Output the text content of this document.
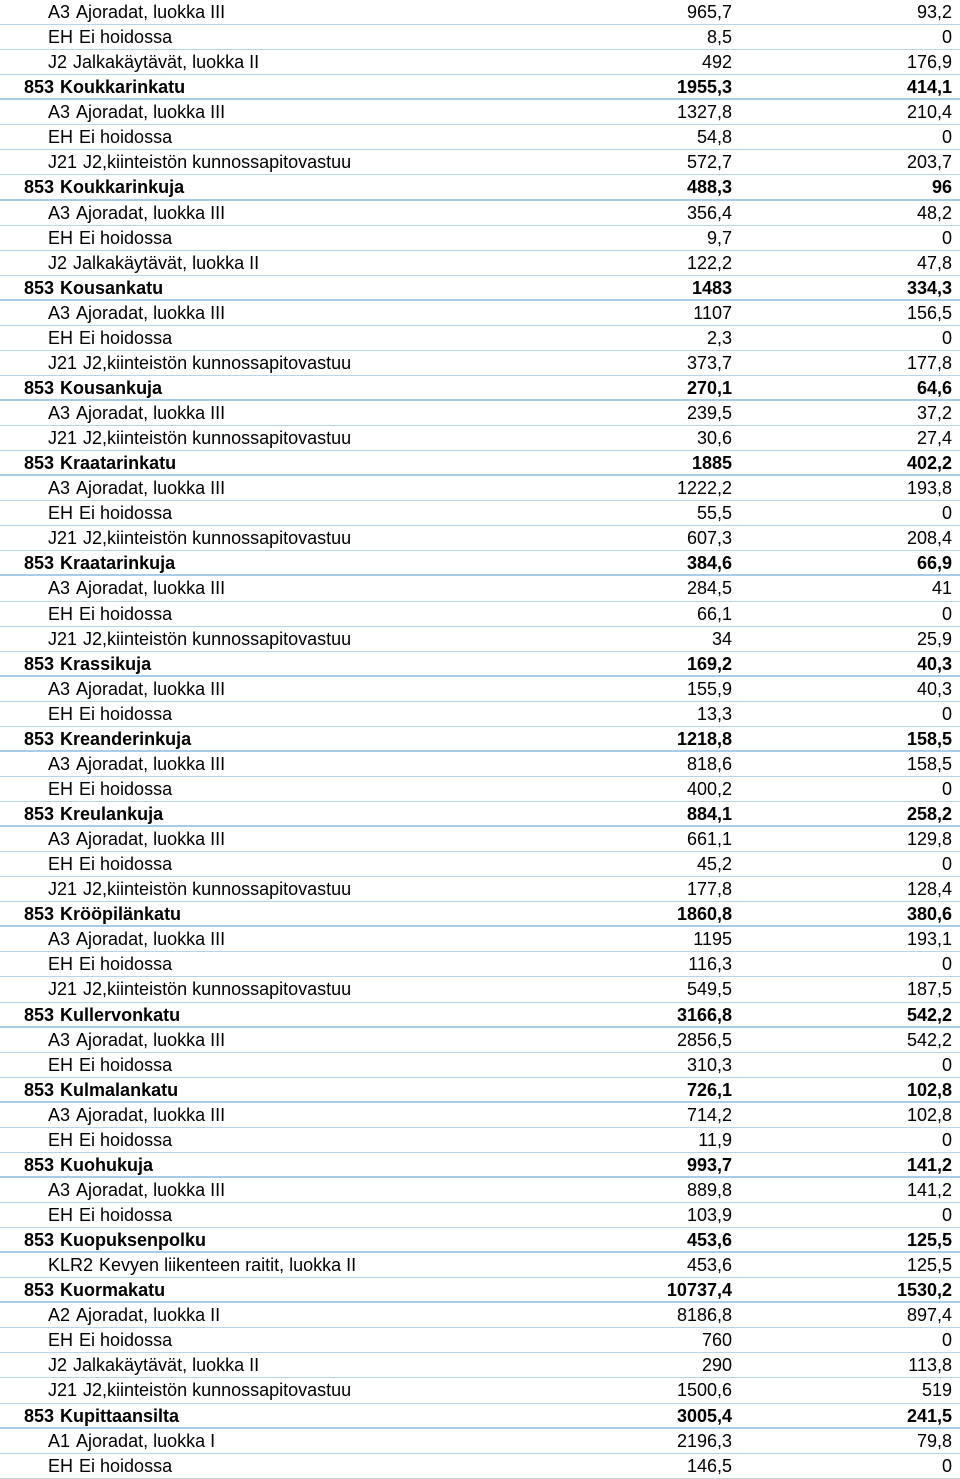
A3 Ajoradat, luokka III	965,7	93,2
EH Ei hoidossa	8,5	0
J2 Jalkakäytävät, luokka II	492	176,9
853 Koukkarinkatu	1955,3	414,1
A3 Ajoradat, luokka III	1327,8	210,4
EH Ei hoidossa	54,8	0
J21 J2,kiinteistön kunnossapitovastuu	572,7	203,7
853 Koukkarinkuja	488,3	96
A3 Ajoradat, luokka III	356,4	48,2
EH Ei hoidossa	9,7	0
J2 Jalkakäytävät, luokka II	122,2	47,8
853 Kousankatu	1483	334,3
A3 Ajoradat, luokka III	1107	156,5
EH Ei hoidossa	2,3	0
J21 J2,kiinteistön kunnossapitovastuu	373,7	177,8
853 Kousankuja	270,1	64,6
A3 Ajoradat, luokka III	239,5	37,2
J21 J2,kiinteistön kunnossapitovastuu	30,6	27,4
853 Kraatarinkatu	1885	402,2
A3 Ajoradat, luokka III	1222,2	193,8
EH Ei hoidossa	55,5	0
J21 J2,kiinteistön kunnossapitovastuu	607,3	208,4
853 Kraatarinkuja	384,6	66,9
A3 Ajoradat, luokka III	284,5	41
EH Ei hoidossa	66,1	0
J21 J2,kiinteistön kunnossapitovastuu	34	25,9
853 Krassikuja	169,2	40,3
A3 Ajoradat, luokka III	155,9	40,3
EH Ei hoidossa	13,3	0
853 Kreanderinkuja	1218,8	158,5
A3 Ajoradat, luokka III	818,6	158,5
EH Ei hoidossa	400,2	0
853 Kreulankuja	884,1	258,2
A3 Ajoradat, luokka III	661,1	129,8
EH Ei hoidossa	45,2	0
J21 J2,kiinteistön kunnossapitovastuu	177,8	128,4
853 Krööpilänkatu	1860,8	380,6
A3 Ajoradat, luokka III	1195	193,1
EH Ei hoidossa	116,3	0
J21 J2,kiinteistön kunnossapitovastuu	549,5	187,5
853 Kullervonkatu	3166,8	542,2
A3 Ajoradat, luokka III	2856,5	542,2
EH Ei hoidossa	310,3	0
853 Kulmalankatu	726,1	102,8
A3 Ajoradat, luokka III	714,2	102,8
EH Ei hoidossa	11,9	0
853 Kuohukuja	993,7	141,2
A3 Ajoradat, luokka III	889,8	141,2
EH Ei hoidossa	103,9	0
853 Kuopuksenpolku	453,6	125,5
KLR2 Kevyen liikenteen raitit, luokka II	453,6	125,5
853 Kuormakatu	10737,4	1530,2
A2 Ajoradat, luokka II	8186,8	897,4
EH Ei hoidossa	760	0
J2 Jalkakäytävät, luokka II	290	113,8
J21 J2,kiinteistön kunnossapitovastuu	1500,6	519
853 Kupittaansilta	3005,4	241,5
A1 Ajoradat, luokka I	2196,3	79,8
EH Ei hoidossa	146,5	0
